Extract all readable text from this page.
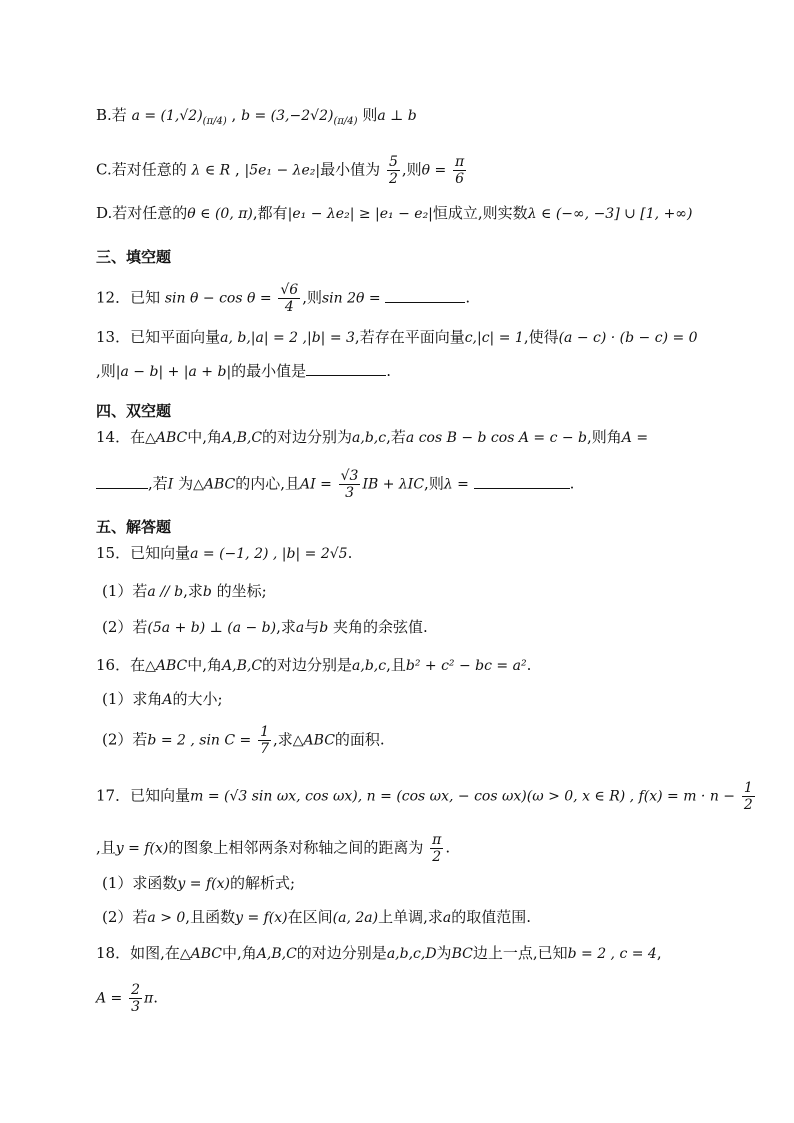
B.若 $a = (1,√2)_{(\pi/4)}$ , $b = (3,-2√2)_{(\pi/4)}$ 则a ⊥ b
C.若对任意的 λ ∈ R , |5e₁ − λe₂|最小值为 $\frac{5}{2}$ ,则$\theta = \frac{\pi}{6}$
D.若对任意的θ ∈ (0, π),都有|e₁ − λe₂| ≥ |e₁ − e₂|恒成立,则实数λ ∈ (−∞, −3] ∪ [1, +∞)
三、填空题
12．已知 $\sin \theta - \cos \theta = \frac{√6}{4}$ ,则sin 2θ =	.
13．已知平面向量a, b,|a| = 2 ,|b| = 3,若存在平面向量c,|c| = 1,使得(a − c) · (b − c) = 0
,则|a − b| + |a + b|的最小值是	.
四、双空题
14．在△ABC中,角A,B,C的对边分别为a,b,c,若a cos B − b cos A = c − b,则角A =
,若I 为△ABC的内心,且AI = $\frac{√3}{3}$ IB + λIC,则λ =	.
五、解答题
15．已知向量a = (−1, 2) , |b| = 2√5.
(1）若a // b,求b 的坐标;
(2）若(5a + b) ⊥ (a − b),求a与b 夹角的余弦值.
16．在△ABC中,角A,B,C的对边分别是a,b,c,且b² + c² − bc = a².
(1）求角A的大小;
(2）若b = 2 , $\sin C = \frac{1}{7}$ ,求△ABC的面积.
17．已知向量m = (√3 sin ωx, cos ωx), n = (cos ωx, − cos ωx)(ω > 0, x ∈ R) , $f(x) = m \cdot n - \frac{1}{2}$
,且y = f(x)的图象上相邻两条对称轴之间的距离为 $\frac{\pi}{2}$ .
(1）求函数y = f(x)的解析式;
(2）若a > 0,且函数y = f(x)在区间(a, 2a)上单调,求a的取值范围.
18．如图,在△ABC中,角A,B,C的对边分别是a,b,c,D为BC边上一点,已知b = 2 , c = 4,
$A = \frac{2}{3} \pi$.
